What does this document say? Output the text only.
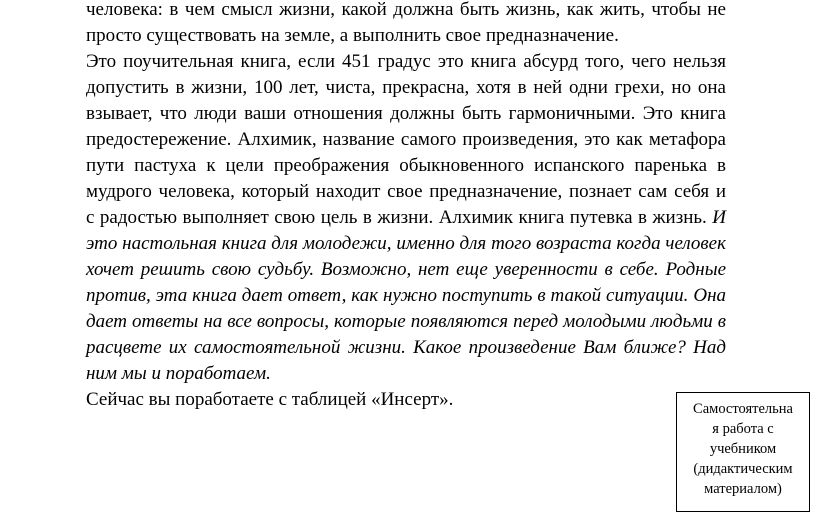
человека: в чем смысл жизни, какой должна быть жизнь, как жить, чтобы не
просто существовать на земле, а выполнить свое предназначение.
Это поучительная книга, если 451 градус это книга абсурд того, чего нельзя
допустить в жизни, 100 лет, чиста, прекрасна, хотя в ней одни грехи, но она
взывает, что люди ваши отношения должны быть гармоничными. Это книга
предостережение. Алхимик, название самого произведения, это как метафора
пути пастуха к цели преображения обыкновенного испанского паренька в
мудрого человека, который находит свое предназначение, познает сам себя и
с радостью выполняет свою цель в жизни. Алхимик книга путевка в жизнь. И
это настольная книга для молодежи, именно для того возраста когда человек
хочет решить свою судьбу. Возможно, нет еще уверенности в себе. Родные
против, эта книга дает ответ, как нужно поступить в такой ситуации. Она
дает ответы на все вопросы, которые появляются перед молодыми людьми в
расцвете их самостоятельной жизни. Какое произведение Вам ближе? Над
ним мы и поработаем.
Сейчас вы поработаете с таблицей «Инсерт».	Самостоятельна
я работа с
учебником
(дидактическим
материалом)
